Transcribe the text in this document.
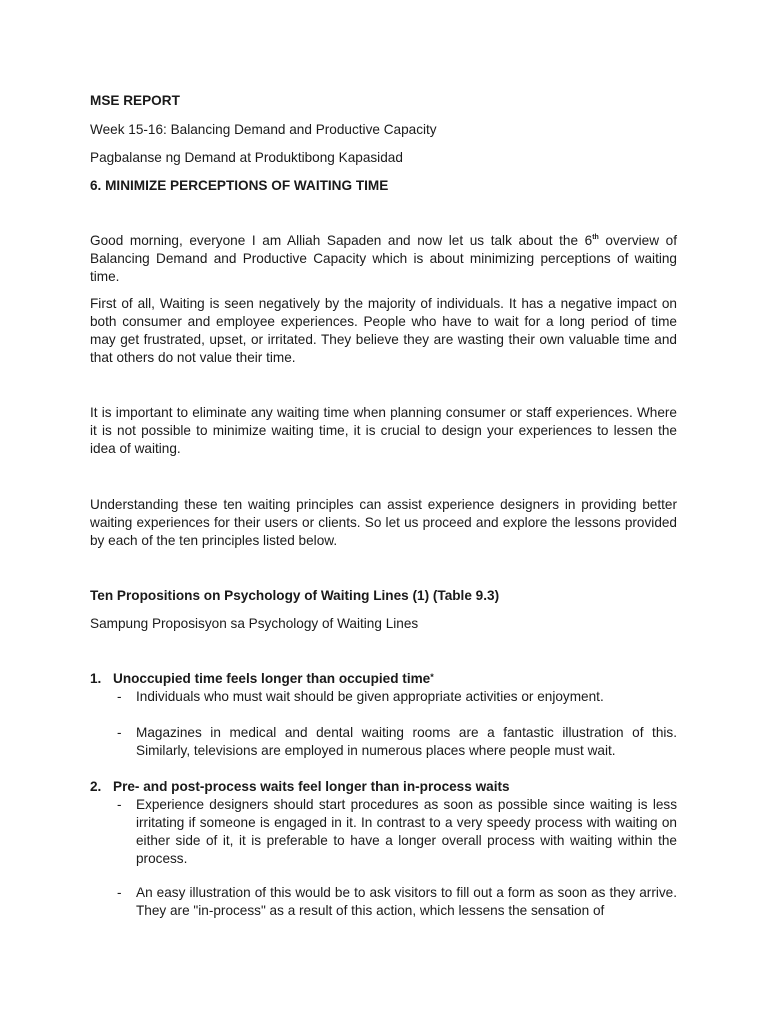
MSE REPORT

Week 15-16: Balancing Demand and Productive Capacity

Pagbalanse ng Demand at Produktibong Kapasidad

6. MINIMIZE PERCEPTIONS OF WAITING TIME

Good morning, everyone I am Alliah Sapaden and now let us talk about the 6th overview of Balancing Demand and Productive Capacity which is about minimizing perceptions of waiting time.

First of all, Waiting is seen negatively by the majority of individuals. It has a negative impact on both consumer and employee experiences. People who have to wait for a long period of time may get frustrated, upset, or irritated. They believe they are wasting their own valuable time and that others do not value their time.

It is important to eliminate any waiting time when planning consumer or staff experiences. Where it is not possible to minimize waiting time, it is crucial to design your experiences to lessen the idea of waiting.

Understanding these ten waiting principles can assist experience designers in providing better waiting experiences for their users or clients. So let us proceed and explore the lessons provided by each of the ten principles listed below.

Ten Propositions on Psychology of Waiting Lines (1) (Table 9.3)

Sampung Proposisyon sa Psychology of Waiting Lines

1. Unoccupied time feels longer than occupied time*
- Individuals who must wait should be given appropriate activities or enjoyment.
- Magazines in medical and dental waiting rooms are a fantastic illustration of this. Similarly, televisions are employed in numerous places where people must wait.
2. Pre- and post-process waits feel longer than in-process waits
- Experience designers should start procedures as soon as possible since waiting is less irritating if someone is engaged in it. In contrast to a very speedy process with waiting on either side of it, it is preferable to have a longer overall process with waiting within the process.
- An easy illustration of this would be to ask visitors to fill out a form as soon as they arrive. They are "in-process" as a result of this action, which lessens the sensation of
